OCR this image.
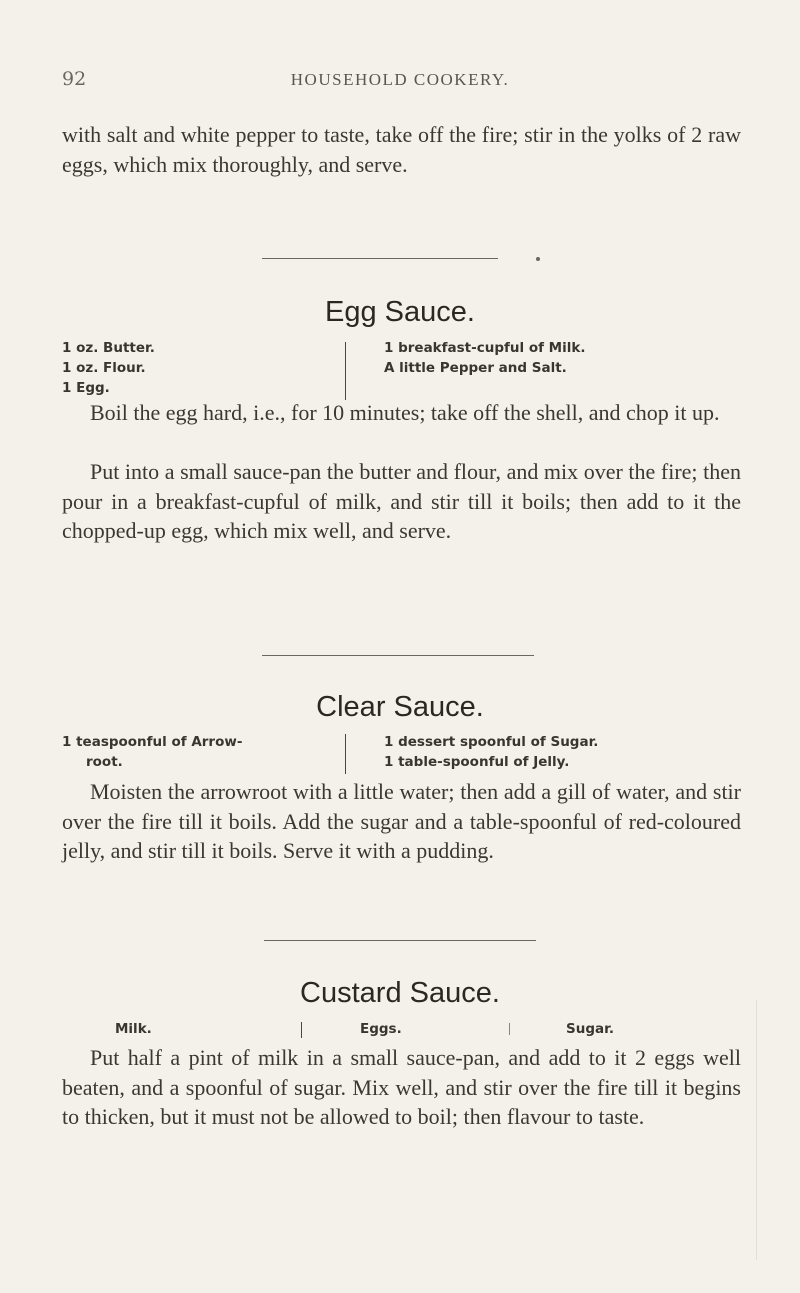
92	HOUSEHOLD COOKERY.

with salt and white pepper to taste, take off the fire; stir in the yolks of 2 raw eggs, which mix thoroughly, and serve.

Egg Sauce.
1 oz. Butter.
1 oz. Flour.
1 Egg.
1 breakfast-cupful of Milk.
A little Pepper and Salt.

Boil the egg hard, i.e., for 10 minutes; take off the shell, and chop it up.

Put into a small sauce-pan the butter and flour, and mix over the fire; then pour in a breakfast-cupful of milk, and stir till it boils; then add to it the chopped-up egg, which mix well, and serve.

Clear Sauce.
1 teaspoonful of Arrow-
root.
1 dessert spoonful of Sugar.
1 table-spoonful of Jelly.

Moisten the arrowroot with a little water; then add a gill of water, and stir over the fire till it boils. Add the sugar and a table-spoonful of red-coloured jelly, and stir till it boils. Serve it with a pudding.

Custard Sauce.
Milk.	Eggs.	Sugar.

Put half a pint of milk in a small sauce-pan, and add to it 2 eggs well beaten, and a spoonful of sugar. Mix well, and stir over the fire till it begins to thicken, but it must not be allowed to boil; then flavour to taste.
